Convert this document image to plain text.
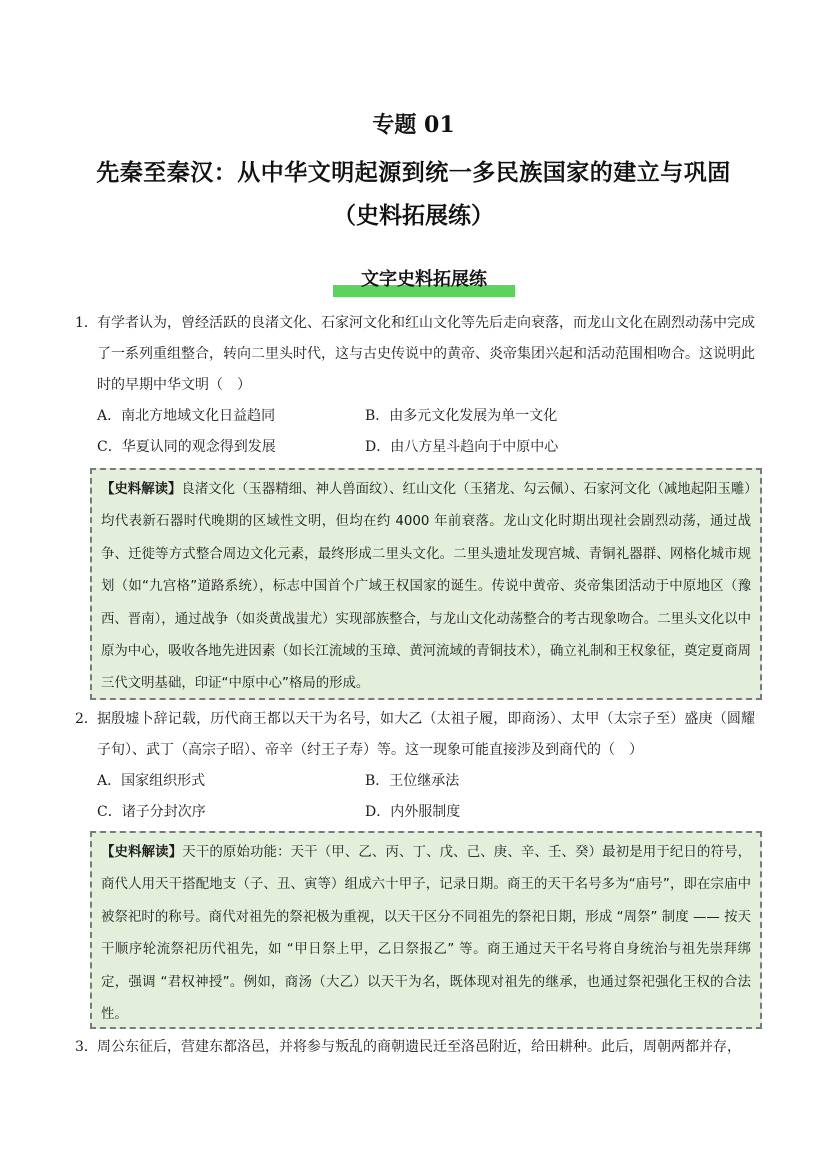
专题 01
先秦至秦汉：从中华文明起源到统一多民族国家的建立与巩固
（史料拓展练）
文字史料拓展练
1． 有学者认为，曾经活跃的良渚文化、石家河文化和红山文化等先后走向衰落，而龙山文化在剧烈动荡中完成了一系列重组整合，转向二里头时代，这与古史传说中的黄帝、炎帝集团兴起和活动范围相吻合。这说明此时的早期中华文明（　）
A．南北方地域文化日益趋同	B．由多元文化发展为单一文化
C．华夏认同的观念得到发展	D．由八方星斗趋向于中原中心
【史料解读】良渚文化（玉器精细、神人兽面纹）、红山文化（玉猪龙、勾云佩）、石家河文化（减地起阳玉雕）均代表新石器时代晚期的区域性文明，但均在约 4000 年前衰落。龙山文化时期出现社会剧烈动荡，通过战争、迁徙等方式整合周边文化元素，最终形成二里头文化。二里头遗址发现宫城、青铜礼器群、网格化城市规划（如“九宫格”道路系统），标志中国首个广域王权国家的诞生。传说中黄帝、炎帝集团活动于中原地区（豫西、晋南），通过战争（如炎黄战蚩尤）实现部族整合，与龙山文化动荡整合的考古现象吻合。二里头文化以中原为中心，吸收各地先进因素（如长江流域的玉璋、黄河流域的青铜技术），确立礼制和王权象征，奠定夏商周三代文明基础，印证“中原中心”格局的形成。
2． 据殷墟卜辞记载，历代商王都以天干为名号，如大乙（太祖子履，即商汤）、太甲（太宗子至）盛庚（圆耀子旬）、武丁（高宗子昭）、帝辛（纣王子寿）等。这一现象可能直接涉及到商代的（　）
A．国家组织形式	B．王位继承法
C．诸子分封次序	D．内外服制度
【史料解读】天干的原始功能：天干（甲、乙、丙、丁、戊、己、庚、辛、壬、癸）最初是用于纪日的符号，商代人用天干搭配地支（子、丑、寅等）组成六十甲子，记录日期。商王的天干名号多为“庙号”，即在宗庙中被祭祀时的称号。商代对祖先的祭祀极为重视，以天干区分不同祖先的祭祀日期，形成 “周祭” 制度 —— 按天干顺序轮流祭祀历代祖先，如 “甲日祭上甲，乙日祭报乙” 等。商王通过天干名号将自身统治与祖先崇拜绑定，强调 “君权神授”。例如，商汤（大乙）以天干为名，既体现对祖先的继承，也通过祭祀强化王权的合法性。
3． 周公东征后，营建东都洛邑，并将参与叛乱的商朝遗民迁至洛邑附近，给田耕种。此后，周朝两都并存，
